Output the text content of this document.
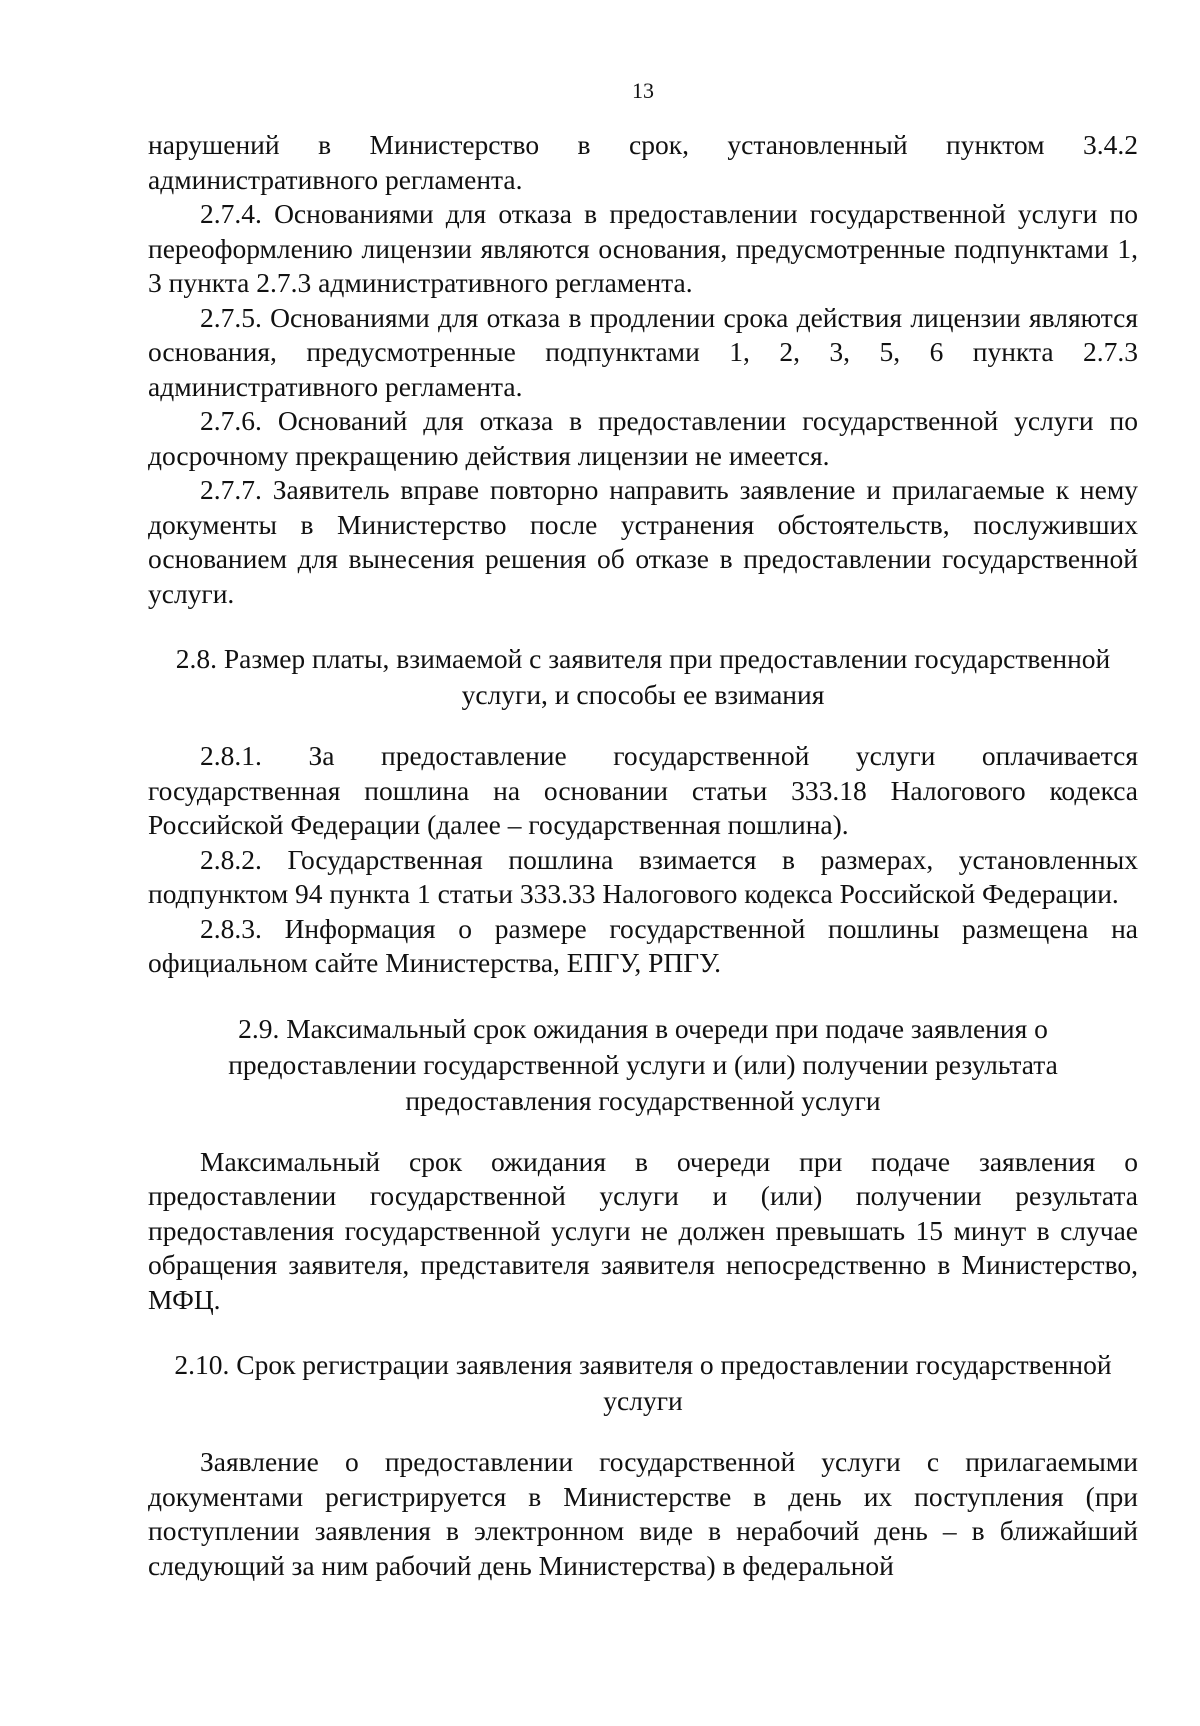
13

нарушений в Министерство в срок, установленный пунктом 3.4.2 административного регламента.

2.7.4. Основаниями для отказа в предоставлении государственной услуги по переоформлению лицензии являются основания, предусмотренные подпунктами 1, 3 пункта 2.7.3 административного регламента.

2.7.5. Основаниями для отказа в продлении срока действия лицензии являются основания, предусмотренные подпунктами 1, 2, 3, 5, 6 пункта 2.7.3 административного регламента.

2.7.6. Оснований для отказа в предоставлении государственной услуги по досрочному прекращению действия лицензии не имеется.

2.7.7. Заявитель вправе повторно направить заявление и прилагаемые к нему документы в Министерство после устранения обстоятельств, послуживших основанием для вынесения решения об отказе в предоставлении государственной услуги.

2.8. Размер платы, взимаемой с заявителя при предоставлении государственной услуги, и способы ее взимания

2.8.1. За предоставление государственной услуги оплачивается государственная пошлина на основании статьи 333.18 Налогового кодекса Российской Федерации (далее – государственная пошлина).

2.8.2. Государственная пошлина взимается в размерах, установленных подпунктом 94 пункта 1 статьи 333.33 Налогового кодекса Российской Федерации.

2.8.3. Информация о размере государственной пошлины размещена на официальном сайте Министерства, ЕПГУ, РПГУ.

2.9. Максимальный срок ожидания в очереди при подаче заявления о предоставлении государственной услуги и (или) получении результата предоставления государственной услуги

Максимальный срок ожидания в очереди при подаче заявления о предоставлении государственной услуги и (или) получении результата предоставления государственной услуги не должен превышать 15 минут в случае обращения заявителя, представителя заявителя непосредственно в Министерство, МФЦ.

2.10. Срок регистрации заявления заявителя о предоставлении государственной услуги

Заявление о предоставлении государственной услуги с прилагаемыми документами регистрируется в Министерстве в день их поступления (при поступлении заявления в электронном виде в нерабочий день – в ближайший следующий за ним рабочий день Министерства) в федеральной
